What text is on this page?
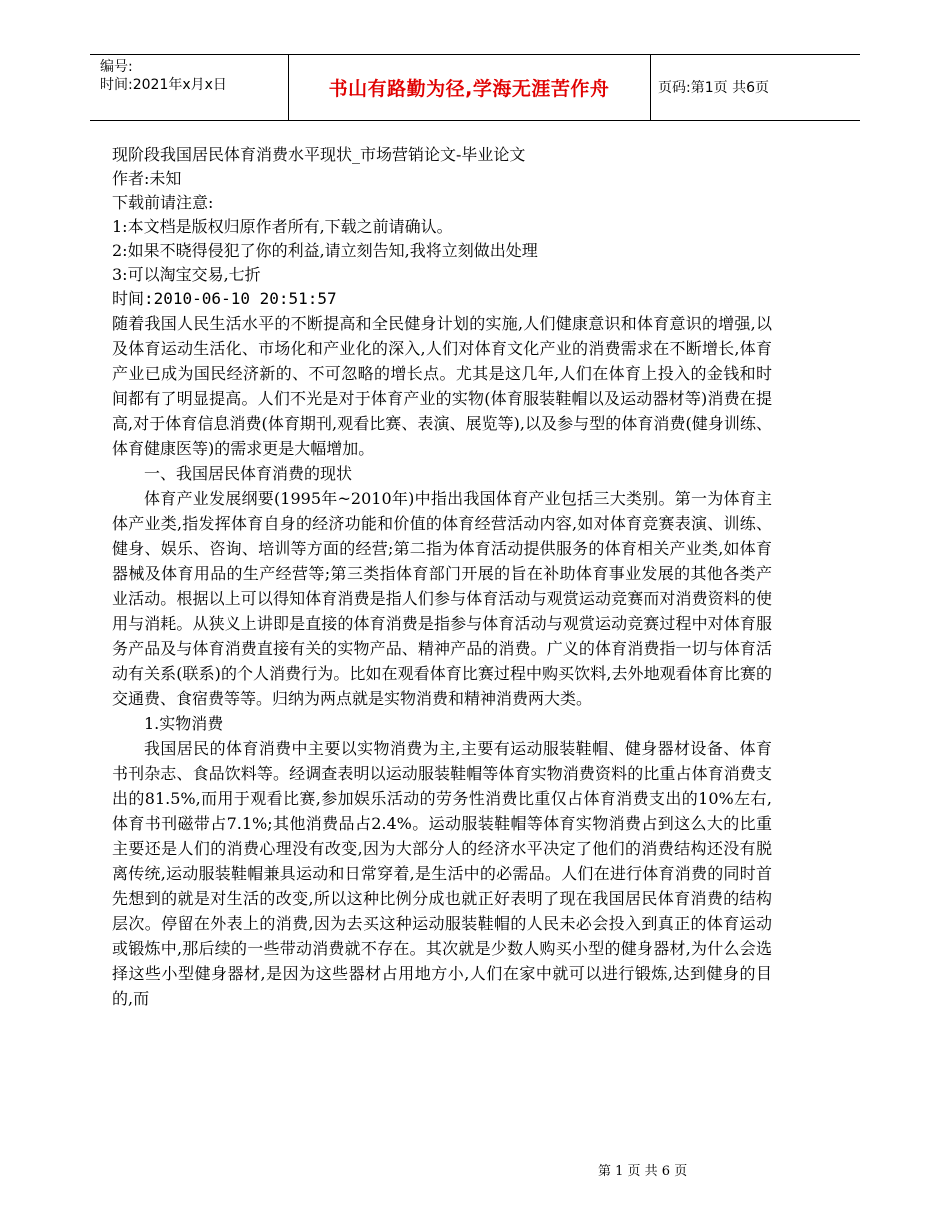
编号:
时间:2021年x月x日	书山有路勤为径,学海无涯苦作舟	页码:第1页 共6页
现阶段我国居民体育消费水平现状_市场营销论文-毕业论文
作者:未知
下载前请注意:
1:本文档是版权归原作者所有,下载之前请确认。
2:如果不晓得侵犯了你的利益,请立刻告知,我将立刻做出处理
3:可以淘宝交易,七折
时间:2010-06-10 20:51:57

随着我国人民生活水平的不断提高和全民健身计划的实施,人们健康意识和体育意识的增强,以及体育运动生活化、市场化和产业化的深入,人们对体育文化产业的消费需求在不断增长,体育产业已成为国民经济新的、不可忽略的增长点。尤其是这几年,人们在体育上投入的金钱和时间都有了明显提高。人们不光是对于体育产业的实物(体育服装鞋帽以及运动器材等)消费在提高,对于体育信息消费(体育期刊,观看比赛、表演、展览等),以及参与型的体育消费(健身训练、体育健康医等)的需求更是大幅增加。

一、我国居民体育消费的现状

体育产业发展纲要(1995年~2010年)中指出我国体育产业包括三大类别。第一为体育主体产业类,指发挥体育自身的经济功能和价值的体育经营活动内容,如对体育竞赛表演、训练、健身、娱乐、咨询、培训等方面的经营;第二指为体育活动提供服务的体育相关产业类,如体育器械及体育用品的生产经营等;第三类指体育部门开展的旨在补助体育事业发展的其他各类产业活动。根据以上可以得知体育消费是指人们参与体育活动与观赏运动竞赛而对消费资料的使用与消耗。从狭义上讲即是直接的体育消费是指参与体育活动与观赏运动竞赛过程中对体育服务产品及与体育消费直接有关的实物产品、精神产品的消费。广义的体育消费指一切与体育活动有关系(联系)的个人消费行为。比如在观看体育比赛过程中购买饮料,去外地观看体育比赛的交通费、食宿费等等。归纳为两点就是实物消费和精神消费两大类。

1.实物消费

我国居民的体育消费中主要以实物消费为主,主要有运动服装鞋帽、健身器材设备、体育书刊杂志、食品饮料等。经调查表明以运动服装鞋帽等体育实物消费资料的比重占体育消费支出的81.5%,而用于观看比赛,参加娱乐活动的劳务性消费比重仅占体育消费支出的10%左右,体育书刊磁带占7.1%;其他消费品占2.4%。运动服装鞋帽等体育实物消费占到这么大的比重主要还是人们的消费心理没有改变,因为大部分人的经济水平决定了他们的消费结构还没有脱离传统,运动服装鞋帽兼具运动和日常穿着,是生活中的必需品。人们在进行体育消费的同时首先想到的就是对生活的改变,所以这种比例分成也就正好表明了现在我国居民体育消费的结构层次。停留在外表上的消费,因为去买这种运动服装鞋帽的人民未必会投入到真正的体育运动或锻炼中,那后续的一些带动消费就不存在。其次就是少数人购买小型的健身器材,为什么会选择这些小型健身器材,是因为这些器材占用地方小,人们在家中就可以进行锻炼,达到健身的目的,而

第 1 页 共 6 页
